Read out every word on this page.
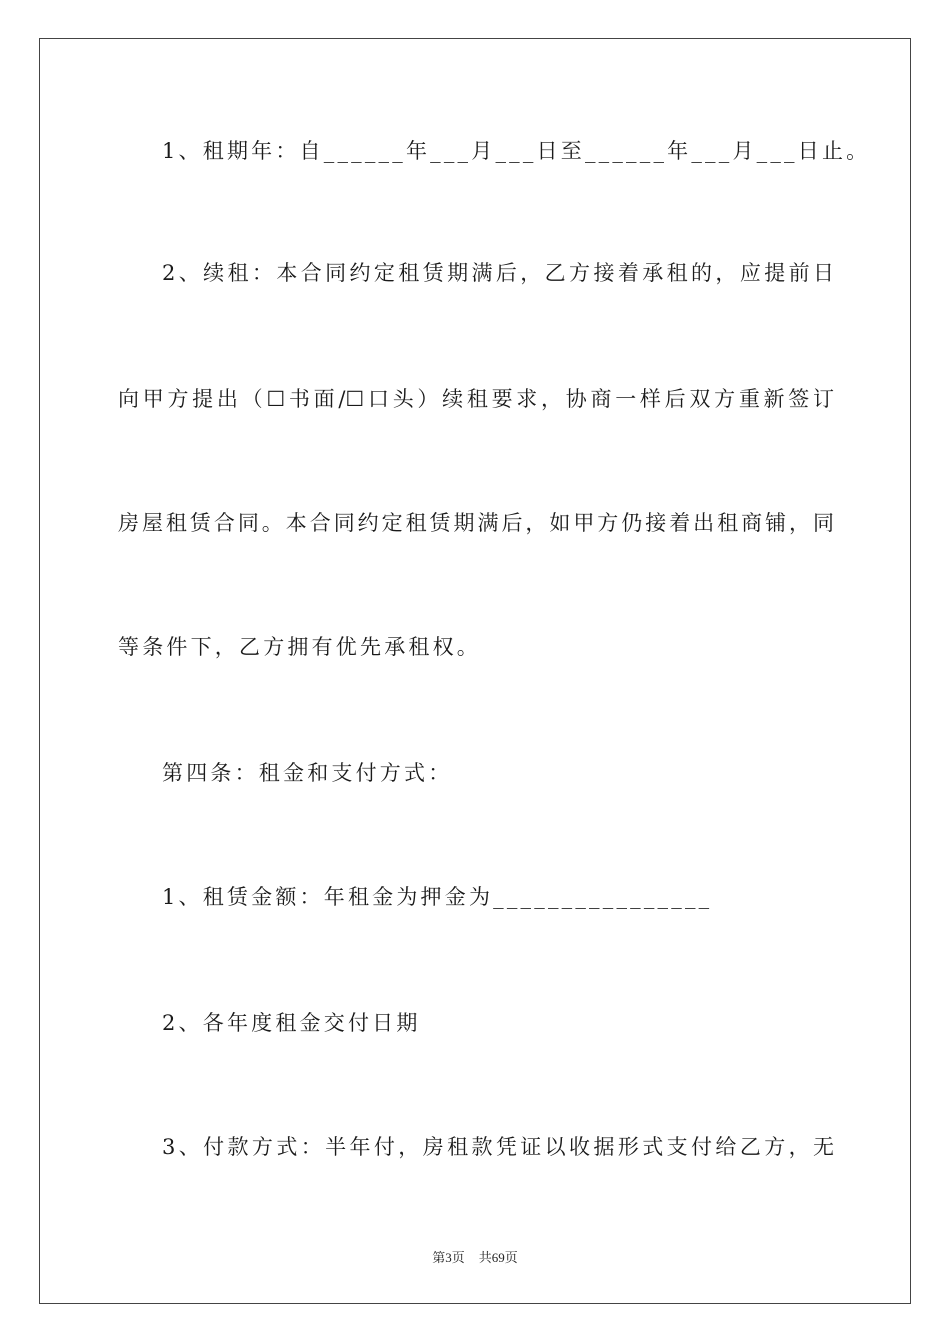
1、租期年：自______年___月___日至______年___月___日止。
2、续租：本合同约定租赁期满后，乙方接着承租的，应提前日
向甲方提出（☐书面/☐口头）续租要求，协商一样后双方重新签订
房屋租赁合同。本合同约定租赁期满后，如甲方仍接着出租商铺，同
等条件下，乙方拥有优先承租权。
第四条：租金和支付方式：
1、租赁金额：年租金为押金为________________
2、各年度租金交付日期
3、付款方式：半年付，房租款凭证以收据形式支付给乙方，无
第3页 共69页
